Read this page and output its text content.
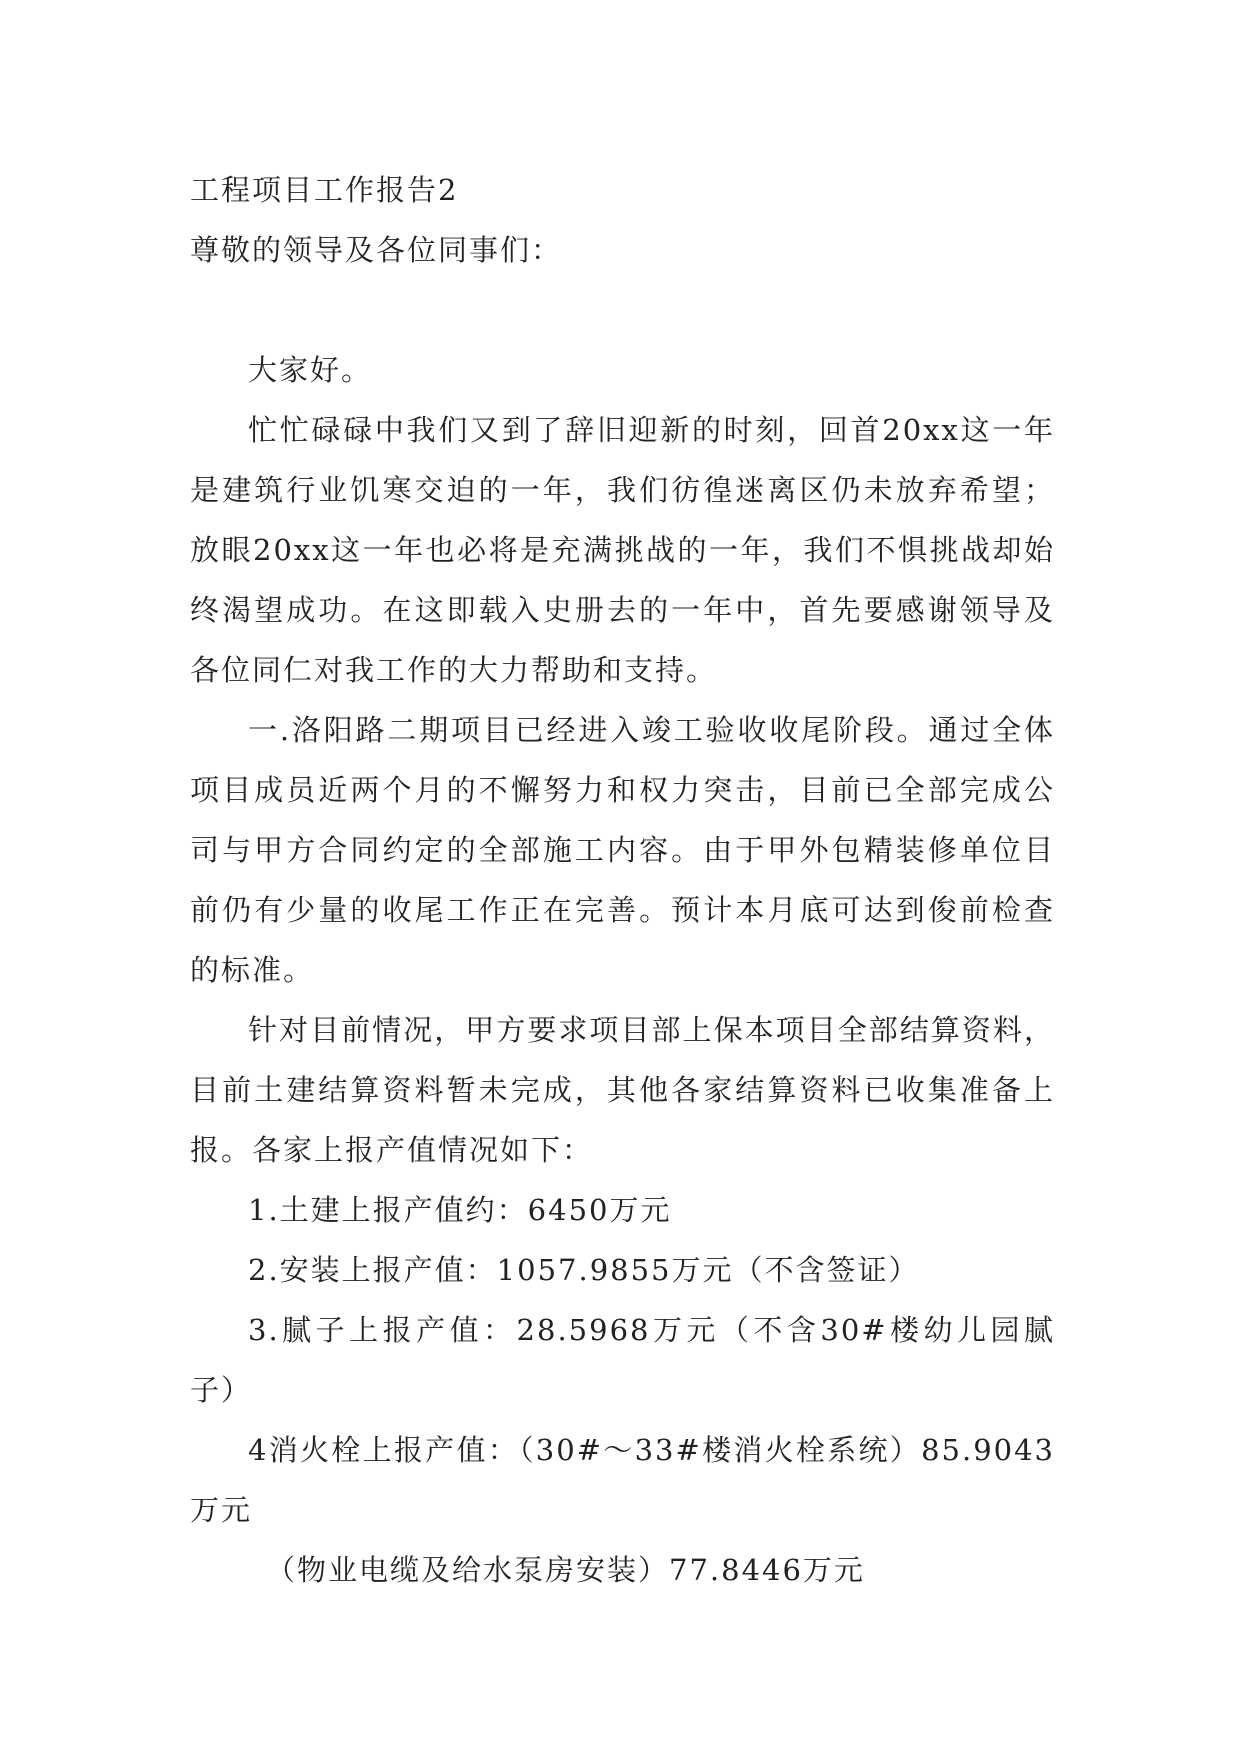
工程项目工作报告2

尊敬的领导及各位同事们：

大家好。

忙忙碌碌中我们又到了辞旧迎新的时刻，回首20xx这一年是建筑行业饥寒交迫的一年，我们彷徨迷离区仍未放弃希望；放眼20xx这一年也必将是充满挑战的一年，我们不惧挑战却始终渴望成功。在这即载入史册去的一年中，首先要感谢领导及各位同仁对我工作的大力帮助和支持。

一.洛阳路二期项目已经进入竣工验收收尾阶段。通过全体项目成员近两个月的不懈努力和权力突击，目前已全部完成公司与甲方合同约定的全部施工内容。由于甲外包精装修单位目前仍有少量的收尾工作正在完善。预计本月底可达到俊前检查的标准。

针对目前情况，甲方要求项目部上保本项目全部结算资料，目前土建结算资料暂未完成，其他各家结算资料已收集准备上报。各家上报产值情况如下：

1.土建上报产值约：6450万元

2.安装上报产值：1057.9855万元（不含签证）

3.腻子上报产值：28.5968万元（不含30#楼幼儿园腻子）

4消火栓上报产值：（30#～33#楼消火栓系统）85.9043万元

（物业电缆及给水泵房安装）77.8446万元
